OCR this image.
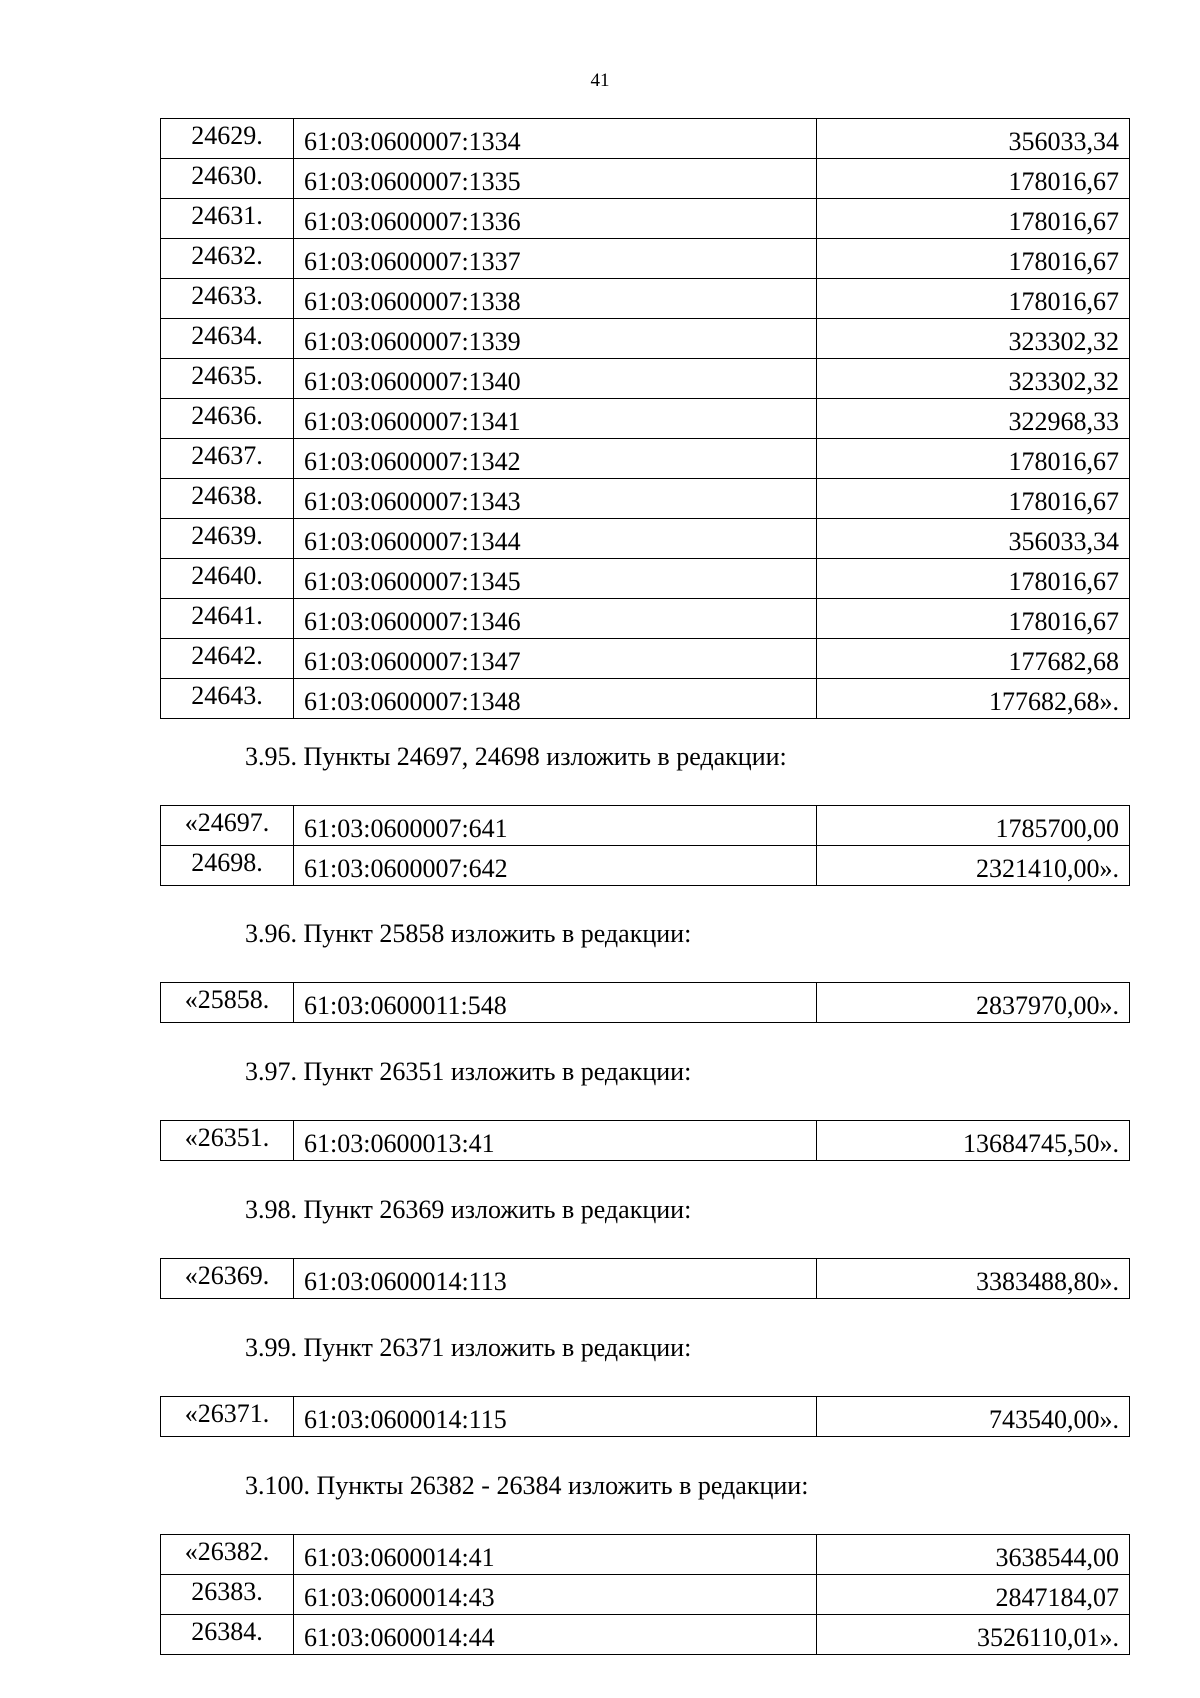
41
24629.	61:03:0600007:1334	356033,34
24630.	61:03:0600007:1335	178016,67
24631.	61:03:0600007:1336	178016,67
24632.	61:03:0600007:1337	178016,67
24633.	61:03:0600007:1338	178016,67
24634.	61:03:0600007:1339	323302,32
24635.	61:03:0600007:1340	323302,32
24636.	61:03:0600007:1341	322968,33
24637.	61:03:0600007:1342	178016,67
24638.	61:03:0600007:1343	178016,67
24639.	61:03:0600007:1344	356033,34
24640.	61:03:0600007:1345	178016,67
24641.	61:03:0600007:1346	178016,67
24642.	61:03:0600007:1347	177682,68
24643.	61:03:0600007:1348	177682,68».
3.95. Пункты 24697, 24698 изложить в редакции:
«24697.	61:03:0600007:641	1785700,00
24698.	61:03:0600007:642	2321410,00».
3.96. Пункт 25858 изложить в редакции:
«25858.	61:03:0600011:548	2837970,00».
3.97. Пункт 26351 изложить в редакции:
«26351.	61:03:0600013:41	13684745,50».
3.98. Пункт 26369 изложить в редакции:
«26369.	61:03:0600014:113	3383488,80».
3.99. Пункт 26371 изложить в редакции:
«26371.	61:03:0600014:115	743540,00».
3.100. Пункты 26382 - 26384 изложить в редакции:
«26382.	61:03:0600014:41	3638544,00
26383.	61:03:0600014:43	2847184,07
26384.	61:03:0600014:44	3526110,01».
